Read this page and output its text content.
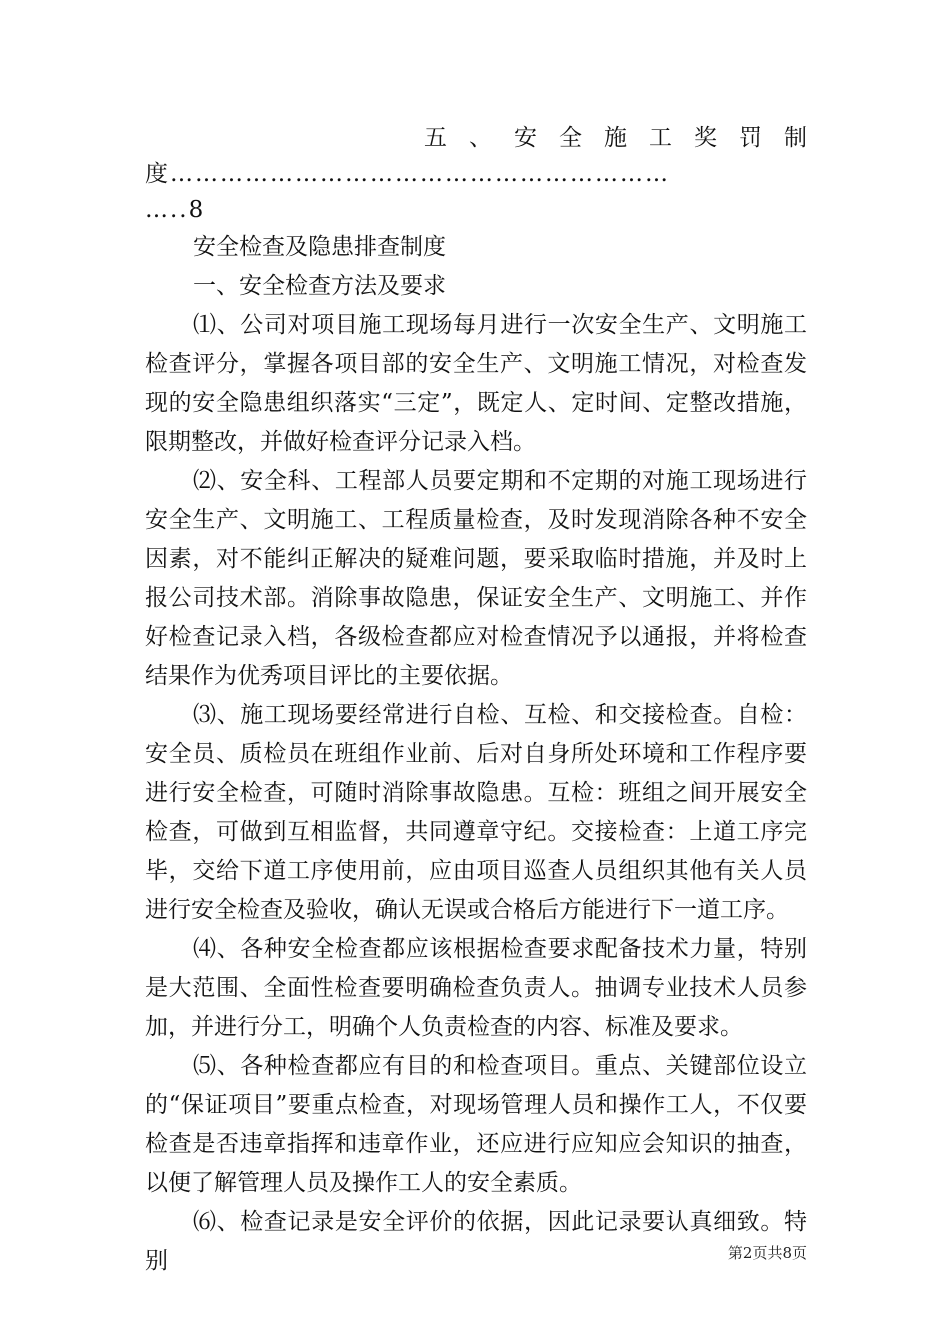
五、安全施工奖罚制
度……………………………………………………
…..8

安全检查及隐患排查制度

一、安全检查方法及要求

⑴、公司对项目施工现场每月进行一次安全生产、文明施工检查评分，掌握各项目部的安全生产、文明施工情况，对检查发现的安全隐患组织落实“三定”，既定人、定时间、定整改措施，限期整改，并做好检查评分记录入档。

⑵、安全科、工程部人员要定期和不定期的对施工现场进行安全生产、文明施工、工程质量检查，及时发现消除各种不安全因素，对不能纠正解决的疑难问题，要采取临时措施，并及时上报公司技术部。消除事故隐患，保证安全生产、文明施工、并作好检查记录入档，各级检查都应对检查情况予以通报，并将检查结果作为优秀项目评比的主要依据。

⑶、施工现场要经常进行自检、互检、和交接检查。自检：安全员、质检员在班组作业前、后对自身所处环境和工作程序要进行安全检查，可随时消除事故隐患。互检：班组之间开展安全检查，可做到互相监督，共同遵章守纪。交接检查：上道工序完毕，交给下道工序使用前，应由项目巡查人员组织其他有关人员进行安全检查及验收，确认无误或合格后方能进行下一道工序。

⑷、各种安全检查都应该根据检查要求配备技术力量，特别是大范围、全面性检查要明确检查负责人。抽调专业技术人员参加，并进行分工，明确个人负责检查的内容、标准及要求。

⑸、各种检查都应有目的和检查项目。重点、关键部位设立的“保证项目”要重点检查，对现场管理人员和操作工人，不仅要检查是否违章指挥和违章作业，还应进行应知应会知识的抽查，以便了解管理人员及操作工人的安全素质。

⑹、检查记录是安全评价的依据，因此记录要认真细致。特别	第2页共8页
